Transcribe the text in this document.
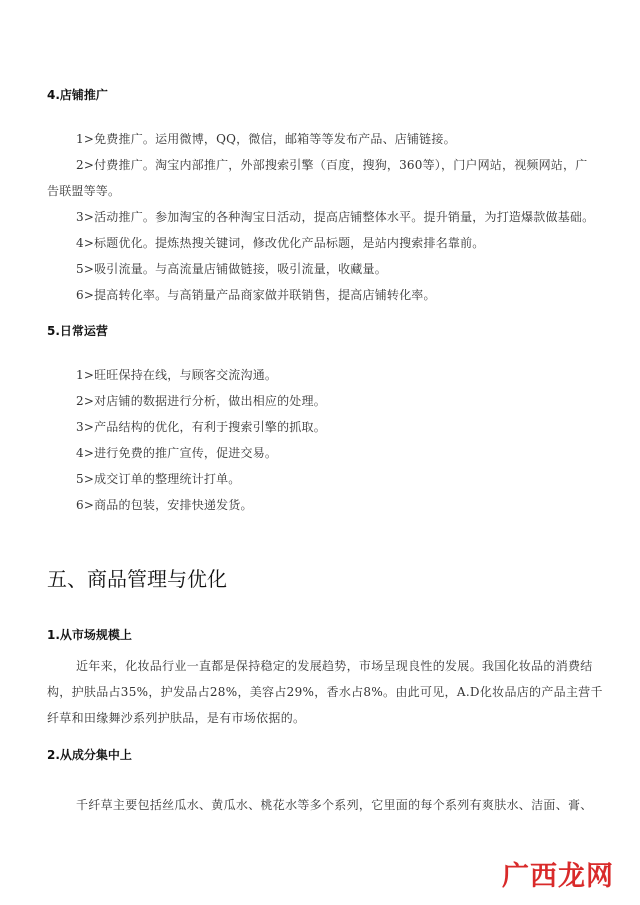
4.店铺推广
1>免费推广。运用微博，QQ，微信，邮箱等等发布产品、店铺链接。
2>付费推广。淘宝内部推广，外部搜索引擎（百度，搜狗，360等），门户网站，视频网站，广
告联盟等等。
3>活动推广。参加淘宝的各种淘宝日活动，提高店铺整体水平。提升销量，为打造爆款做基础。
4>标题优化。提炼热搜关键词，修改优化产品标题，是站内搜索排名靠前。
5>吸引流量。与高流量店铺做链接，吸引流量，收藏量。
6>提高转化率。与高销量产品商家做并联销售，提高店铺转化率。
5.日常运营
1>旺旺保持在线，与顾客交流沟通。
2>对店铺的数据进行分析，做出相应的处理。
3>产品结构的优化，有利于搜索引擎的抓取。
4>进行免费的推广宣传，促进交易。
5>成交订单的整理统计打单。
6>商品的包装，安排快递发货。
五、商品管理与优化
1.从市场规模上
近年来，化妆品行业一直都是保持稳定的发展趋势，市场呈现良性的发展。我国化妆品的消费结构，护肤品占35%，护发品占28%，美容占29%，香水占8%。由此可见，A.D化妆品店的产品主营千纤草和田缘舞沙系列护肤品，是有市场依据的。
2.从成分集中上
千纤草主要包括丝瓜水、黄瓜水、桃花水等多个系列，它里面的每个系列有爽肤水、洁面、膏、
广西龙网
